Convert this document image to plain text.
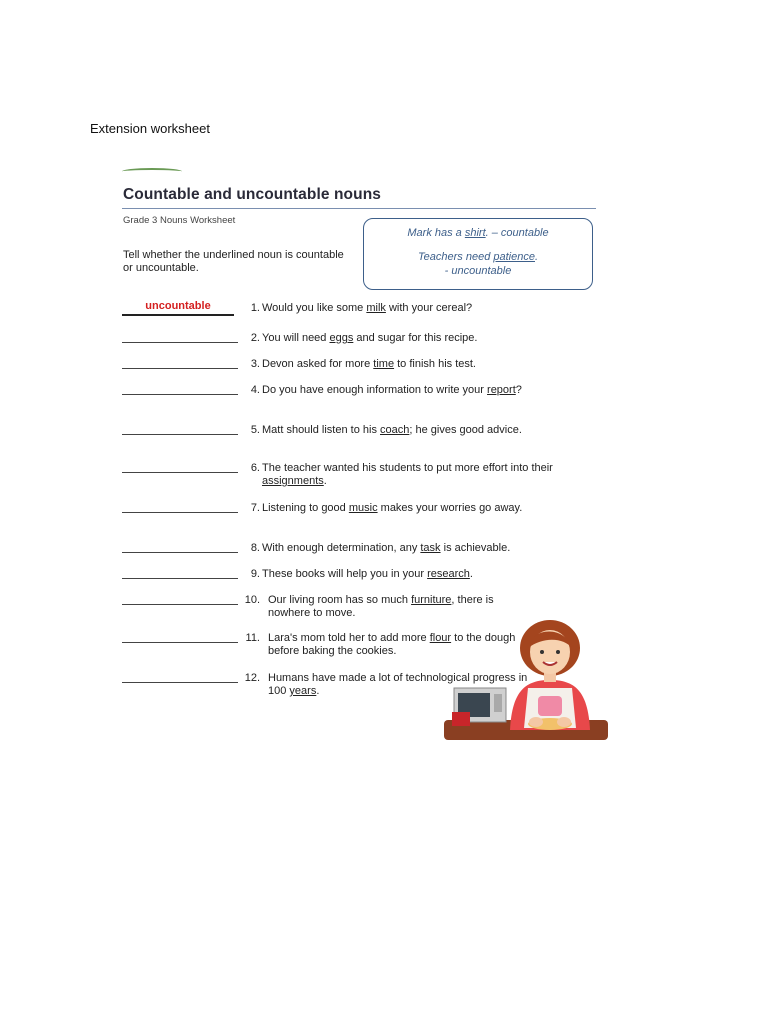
Extension worksheet
Countable and uncountable nouns
Grade 3 Nouns Worksheet
Tell whether the underlined noun is countable or uncountable.
Mark has a shirt. – countable
Teachers need patience.
- uncountable
uncountable	1. Would you like some milk with your cereal?
2. You will need eggs and sugar for this recipe.
3. Devon asked for more time to finish his test.
4. Do you have enough information to write your report?
5. Matt should listen to his coach; he gives good advice.
6. The teacher wanted his students to put more effort into their assignments.
7. Listening to good music makes your worries go away.
8. With enough determination, any task is achievable.
9. These books will help you in your research.
10. Our living room has so much furniture, there is nowhere to move.
11. Lara's mom told her to add more flour to the dough before baking the cookies.
12. Humans have made a lot of technological progress in 100 years.
